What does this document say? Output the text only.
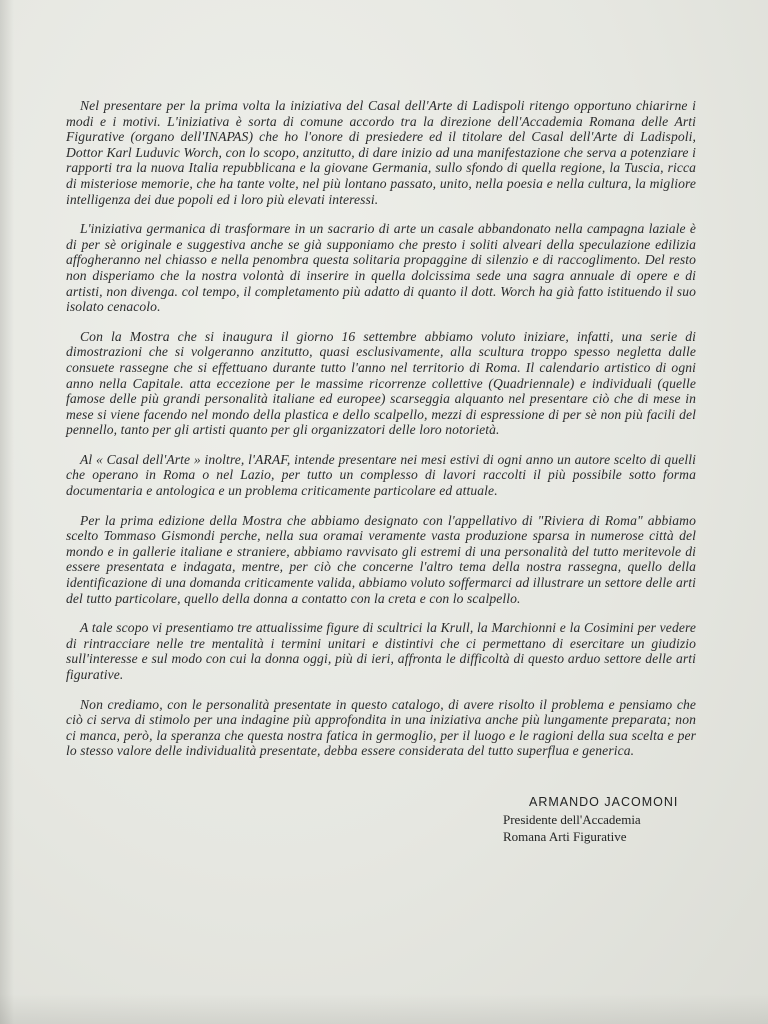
Nel presentare per la prima volta la iniziativa del Casal dell'Arte di Ladispoli ritengo opportuno chiarirne i modi e i motivi. L'iniziativa è sorta di comune accordo tra la direzione dell'Accademia Romana delle Arti Figurative (organo dell'INAPAS) che ho l'onore di presiedere ed il titolare del Casal dell'Arte di Ladispoli, Dottor Karl Luduvic Worch, con lo scopo, anzitutto, di dare inizio ad una manifestazione che serva a potenziare i rapporti tra la nuova Italia repubblicana e la giovane Germania, sullo sfondo di quella regione, la Tuscia, ricca di misteriose memorie, che ha tante volte, nel più lontano passato, unito, nella poesia e nella cultura, la migliore intelligenza dei due popoli ed i loro più elevati interessi.

L'iniziativa germanica di trasformare in un sacrario di arte un casale abbandonato nella campagna laziale è di per sè originale e suggestiva anche se già supponiamo che presto i soliti alveari della speculazione edilizia affogheranno nel chiasso e nella penombra questa solitaria propaggine di silenzio e di raccoglimento. Del resto non disperiamo che la nostra volontà di inserire in quella dolcissima sede una sagra annuale di opere e di artisti, non divenga. col tempo, il completamento più adatto di quanto il dott. Worch ha già fatto istituendo il suo isolato cenacolo.

Con la Mostra che si inaugura il giorno 16 settembre abbiamo voluto iniziare, infatti, una serie di dimostrazioni che si volgeranno anzitutto, quasi esclusivamente, alla scultura troppo spesso negletta dalle consuete rassegne che si effettuano durante tutto l'anno nel territorio di Roma. Il calendario artistico di ogni anno nella Capitale. atta eccezione per le massime ricorrenze collettive (Quadriennale) e individuali (quelle famose delle più grandi personalità italiane ed europee) scarseggia alquanto nel presentare ciò che di mese in mese si viene facendo nel mondo della plastica e dello scalpello, mezzi di espressione di per sè non più facili del pennello, tanto per gli artisti quanto per gli organizzatori delle loro notorietà.

Al « Casal dell'Arte » inoltre, l'ARAF, intende presentare nei mesi estivi di ogni anno un autore scelto di quelli che operano in Roma o nel Lazio, per tutto un complesso di lavori raccolti il più possibile sotto forma documentaria e antologica e un problema criticamente particolare ed attuale.

Per la prima edizione della Mostra che abbiamo designato con l'appellativo di "Riviera di Roma" abbiamo scelto Tommaso Gismondi perche, nella sua oramai veramente vasta produzione sparsa in numerose città del mondo e in gallerie italiane e straniere, abbiamo ravvisato gli estremi di una personalità del tutto meritevole di essere presentata e indagata, mentre, per ciò che concerne l'altro tema della nostra rassegna, quello della identificazione di una domanda criticamente valida, abbiamo voluto soffermarci ad illustrare un settore delle arti del tutto particolare, quello della donna a contatto con la creta e con lo scalpello.

A tale scopo vi presentiamo tre attualissime figure di scultrici la Krull, la Marchionni e la Cosimini per vedere di rintracciare nelle tre mentalità i termini unitari e distintivi che ci permettano di esercitare un giudizio sull'interesse e sul modo con cui la donna oggi, più di ieri, affronta le difficoltà di questo arduo settore delle arti figurative.

Non crediamo, con le personalità presentate in questo catalogo, di avere risolto il problema e pensiamo che ciò ci serva di stimolo per una indagine più approfondita in una iniziativa anche più lungamente preparata; non ci manca, però, la speranza che questa nostra fatica in germoglio, per il luogo e le ragioni della sua scelta e per lo stesso valore delle individualità presentate, debba essere considerata del tutto superflua e generica.

ARMANDO JACOMONI
Presidente dell'Accademia
Romana Arti Figurative
